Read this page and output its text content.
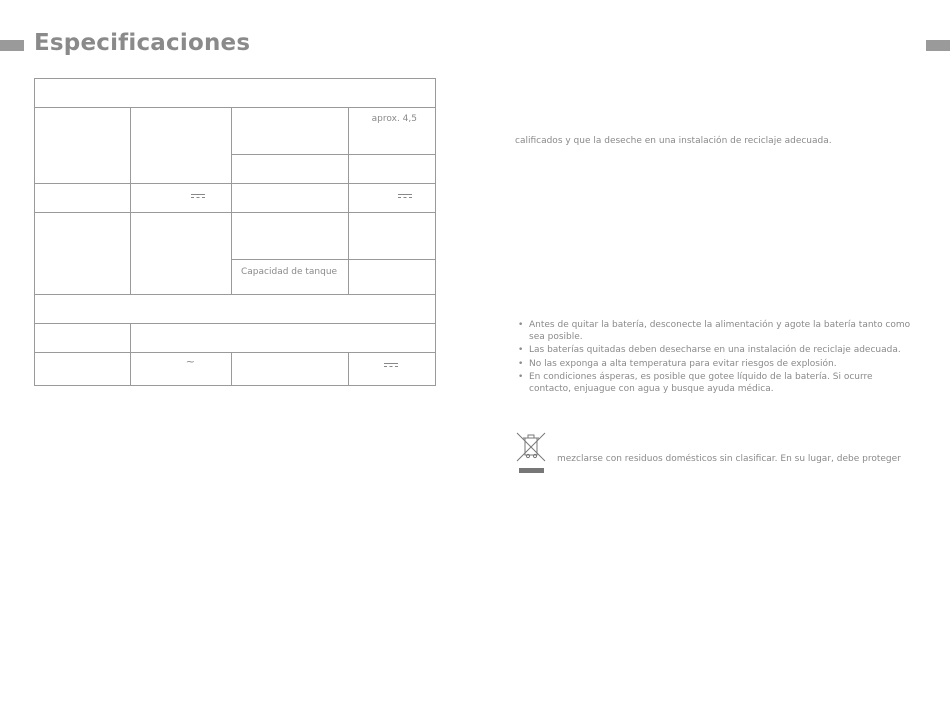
Especificaciones

			aprox. 4,5

		Capacidad de tanque	

	~		

calificados y que la deseche en una instalación de reciclaje adecuada.

• Antes de quitar la batería, desconecte la alimentación y agote la batería tanto como sea posible.
• Las baterías quitadas deben desecharse en una instalación de reciclaje adecuada.
• No las exponga a alta temperatura para evitar riesgos de explosión.
• En condiciones ásperas, es posible que gotee líquido de la batería. Si ocurre contacto, enjuague con agua y busque ayuda médica.

mezclarse con residuos domésticos sin clasificar. En su lugar, debe proteger
